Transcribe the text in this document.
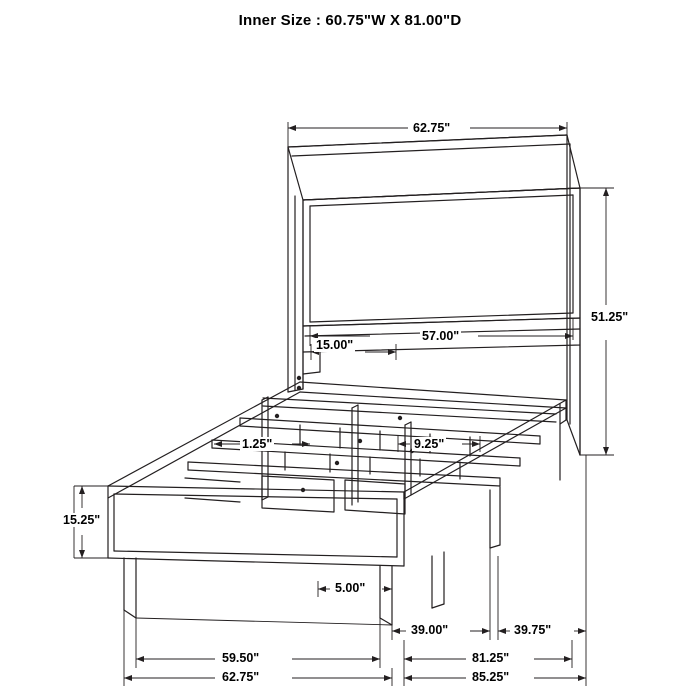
Inner Size : 60.75"W X 81.00"D
62.75"
51.25"
57.00"
15.00"
1.25"	9.25"
15.25"
5.00"
39.00"	39.75"
59.50"	81.25"
62.75"	85.25"
